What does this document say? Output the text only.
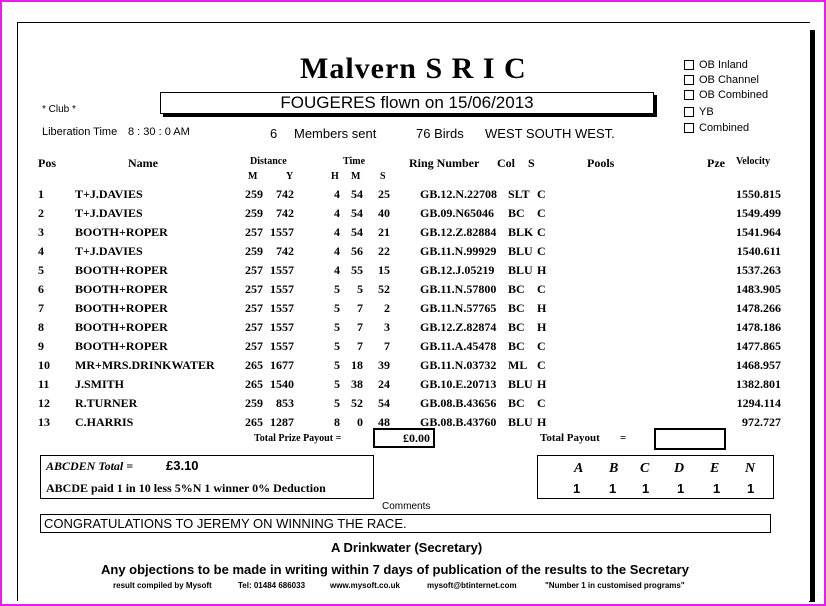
Malvern S R I C
* Club *	FOUGERES flown on 15/06/2013
Liberation Time 8 : 30 : 0 AM	6 Members sent	76 Birds WEST SOUTH WEST.
OB Inland
OB Channel
OB Combined
YB
Combined
Pos	Name	Distance
M	Y
Time
H M S
Ring Number Col S	Pools	Pze Velocity
1	T+J.DAVIES	259 742	4 54 25	GB.12.N.22708 SLT C	1550.815
2	T+J.DAVIES	259 742	4 54 40	GB.09.N65046 BC C	1549.499
3	BOOTH+ROPER	257 1557	4 54 21	GB.12.Z.82884 BLK C	1541.964
4	T+J.DAVIES	259 742	4 56 22	GB.11.N.99929 BLU C	1540.611
5	BOOTH+ROPER	257 1557	4 55 15	GB.12.J.05219 BLU H	1537.263
6	BOOTH+ROPER	257 1557	5 5 52	GB.11.N.57800 BC C	1483.905
7	BOOTH+ROPER	257 1557	5 7 2	GB.11.N.57765 BC H	1478.266
8	BOOTH+ROPER	257 1557	5 7 3	GB.12.Z.82874 BC H	1478.186
9	BOOTH+ROPER	257 1557	5 7 7	GB.11.A.45478 BC C	1477.865
10 MR+MRS.DRINKWATER	265 1677	5 18 39	GB.11.N.03732 ML C	1468.957
11 J.SMITH	265 1540	5 38 24	GB.10.E.20713 BLU H	1382.801
12 R.TURNER	259 853	5 52 54	GB.08.B.43656 BC C	1294.114
13 C.HARRIS	265 1287	8 0 48	GB.08.B.43760 BLU H	972.727
Total Prize Payout =	£0.00	Total Payout =
ABCDEN Total =	£3.10
ABCDE paid 1 in 10 less 5%N 1 winner 0% Deduction
A B C D E N
1 1 1 1 1 1
Comments
CONGRATULATIONS TO JEREMY ON WINNING THE RACE.
A Drinkwater (Secretary)
Any objections to be made in writing within 7 days of publication of the results to the Secretary
result compiled by Mysoft	Tel: 01484 686033	www.mysoft.co.uk	mysoft@btinternet.com	"Number 1 in customised programs"
